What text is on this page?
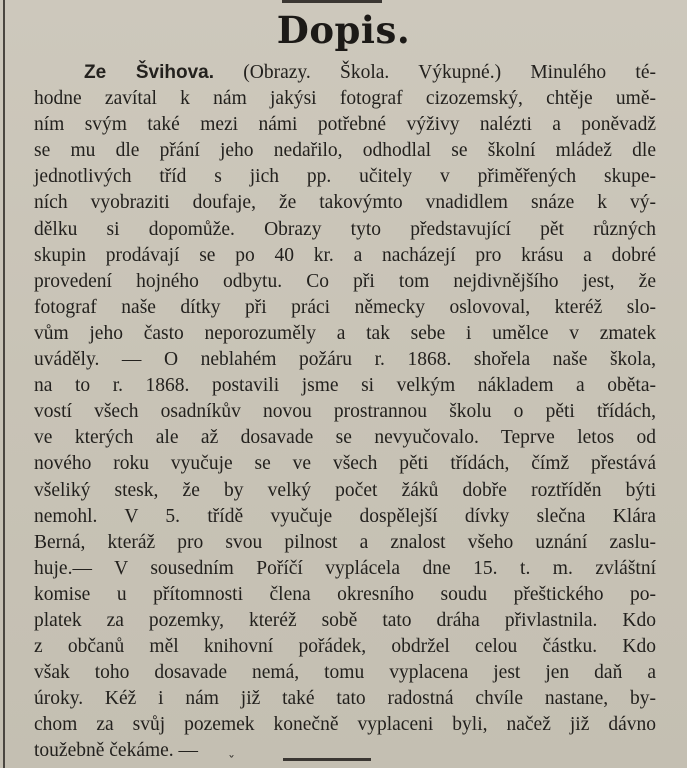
Dopis.
Ze Švihova. (Obrazy. Škola. Výkupné.) Minulého té-
hodne zavítal k nám jakýsi fotograf cizozemský, chtěje umě-
ním svým také mezi námi potřebné výživy nalézti a poněvadž
se mu dle přání jeho nedařilo, odhodlal se školní mládež dle
jednotlivých tříd s jich pp. učitely v přiměřených skupe-
ních vyobraziti doufaje, že takovýmto vnadidlem snáze k vý-
dělku si dopomůže. Obrazy tyto představující pět různých
skupin prodávají se po 40 kr. a nacházejí pro krásu a dobré
provedení hojného odbytu. Co při tom nejdivnějšího jest, že
fotograf naše dítky při práci německy oslovoval, kteréž slo-
vům jeho často neporozuměly a tak sebe i umělce v zmatek
uváděly. — O neblahém požáru r. 1868. shořela naše škola,
na to r. 1868. postavili jsme si velkým nákladem a oběta-
vostí všech osadníkův novou prostrannou školu o pěti třídách,
ve kterých ale až dosavade se nevyučovalo. Teprve letos od
nového roku vyučuje se ve všech pěti třídách, čímž přestává
všeliký stesk, že by velký počet žáků dobře roztříděn býti
nemohl. V 5. třídě vyučuje dospělejší dívky slečna Klára
Berná, kteráž pro svou pilnost a znalost všeho uznání zaslu-
huje.— V sousedním Poříčí vyplácela dne 15. t. m. zvláštní
komise u přítomnosti člena okresního soudu přeštického po-
platek za pozemky, kteréž sobě tato dráha přivlastnila. Kdo
z občanů měl knihovní pořádek, obdržel celou částku. Kdo
však toho dosavade nemá, tomu vyplacena jest jen daň a
úroky. Kéž i nám již také tato radostná chvíle nastane, by-
chom za svůj pozemek konečně vyplaceni byli, načež již dávno
toužebně čekáme. —
ˇ
